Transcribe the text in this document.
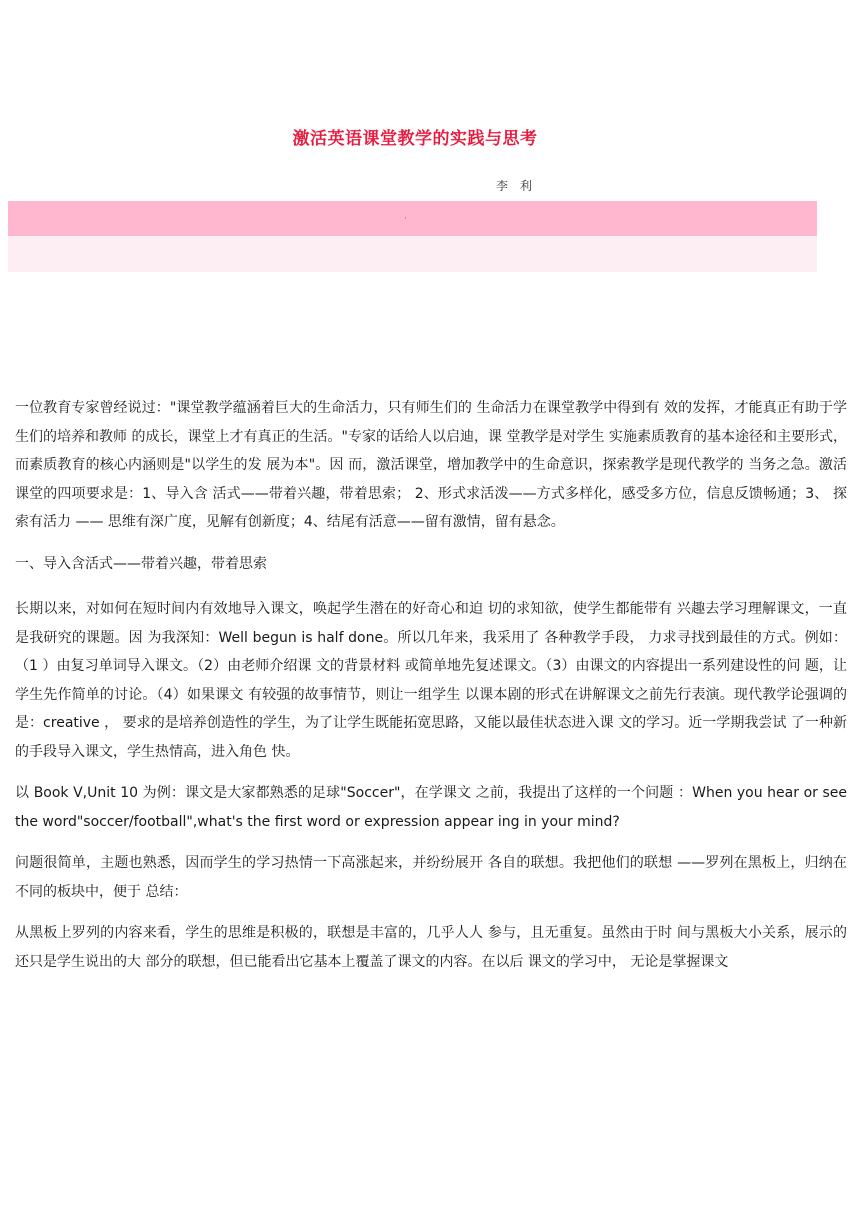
激活英语课堂教学的实践与思考
李 利
·

一位教育专家曾经说过："课堂教学蕴涵着巨大的生命活力，只有师生们的 生命活力在课堂教学中得到有 效的发挥，才能真正有助于学生们的培养和教师 的成长，课堂上才有真正的生活。"专家的话给人以启迪，课 堂教学是对学生 实施素质教育的基本途径和主要形式，而素质教育的核心内涵则是"以学生的发 展为本"。因 而，激活课堂，增加教学中的生命意识，探索教学是现代教学的 当务之急。激活课堂的四项要求是：1、导入含 活式——带着兴趣，带着思索； 2、形式求活泼——方式多样化，感受多方位，信息反馈畅通；3、 探索有活力 —— 思维有深广度，见解有创新度；4、结尾有活意——留有激情，留有悬念。

一、导入含活式——带着兴趣，带着思索

长期以来，对如何在短时间内有效地导入课文，唤起学生潜在的好奇心和迫 切的求知欲，使学生都能带有 兴趣去学习理解课文，一直是我研究的课题。因 为我深知：Well begun is half done。所以几年来，我采用了 各种教学手段， 力求寻找到最佳的方式。例如：（1 ）由复习单词导入课文。（2）由老师介绍课 文的背景材料 或简单地先复述课文。（3）由课文的内容提出一系列建设性的问 题，让学生先作简单的讨论。（4）如果课文 有较强的故事情节，则让一组学生 以课本剧的形式在讲解课文之前先行表演。现代教学论强调的是：creative ， 要求的是培养创造性的学生，为了让学生既能拓宽思路，又能以最佳状态进入课 文的学习。近一学期我尝试 了一种新的手段导入课文，学生热情高，进入角色 快。

以 Book V,Unit 10 为例：课文是大家都熟悉的足球"Soccer"，在学课文 之前，我提出了这样的一个问题 ：When you hear or see the word"soccer/football",what's the first word or expression appear ing in your mind?

问题很简单，主题也熟悉，因而学生的学习热情一下高涨起来，并纷纷展开 各自的联想。我把他们的联想 ——罗列在黑板上，归纳在不同的板块中，便于 总结：

从黑板上罗列的内容来看，学生的思维是积极的，联想是丰富的，几乎人人 参与，且无重复。虽然由于时 间与黑板大小关系，展示的还只是学生说出的大 部分的联想，但已能看出它基本上覆盖了课文的内容。在以后 课文的学习中， 无论是掌握课文
